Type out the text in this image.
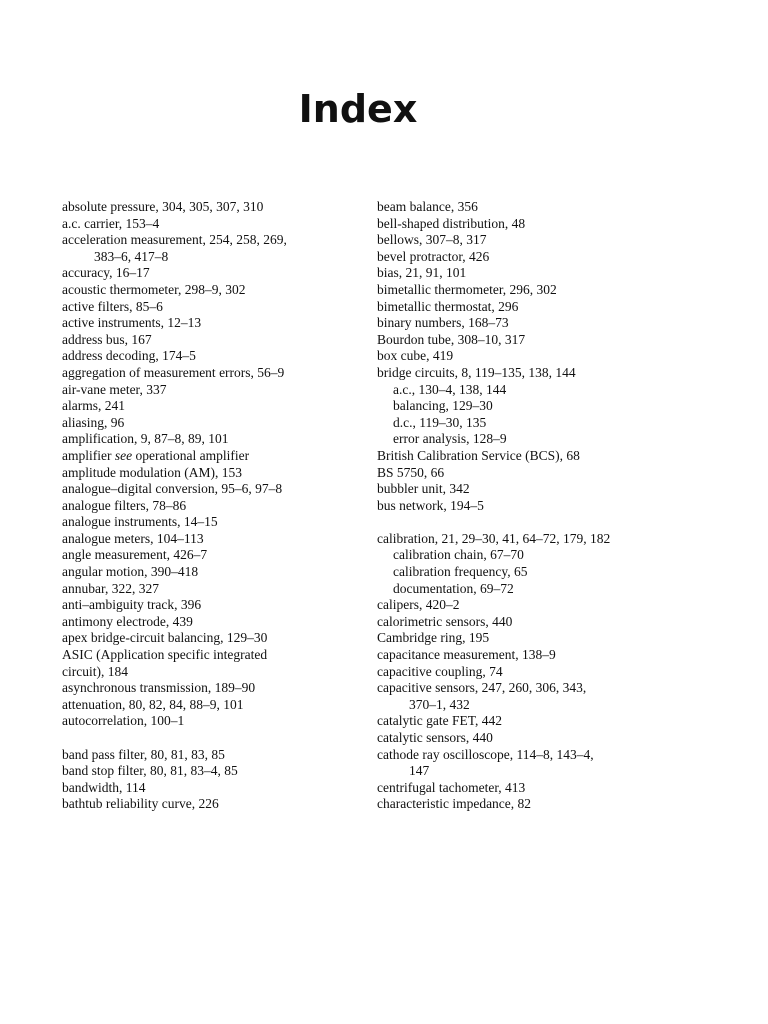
Index
absolute pressure, 304, 305, 307, 310
a.c. carrier, 153–4
acceleration measurement, 254, 258, 269,
383–6, 417–8
accuracy, 16–17
acoustic thermometer, 298–9, 302
active filters, 85–6
active instruments, 12–13
address bus, 167
address decoding, 174–5
aggregation of measurement errors, 56–9
air-vane meter, 337
alarms, 241
aliasing, 96
amplification, 9, 87–8, 89, 101
amplifier see operational amplifier
amplitude modulation (AM), 153
analogue–digital conversion, 95–6, 97–8
analogue filters, 78–86
analogue instruments, 14–15
analogue meters, 104–113
angle measurement, 426–7
angular motion, 390–418
annubar, 322, 327
anti–ambiguity track, 396
antimony electrode, 439
apex bridge-circuit balancing, 129–30
ASIC (Application specific integrated
circuit), 184
asynchronous transmission, 189–90
attenuation, 80, 82, 84, 88–9, 101
autocorrelation, 100–1
band pass filter, 80, 81, 83, 85
band stop filter, 80, 81, 83–4, 85
bandwidth, 114
bathtub reliability curve, 226
beam balance, 356
bell-shaped distribution, 48
bellows, 307–8, 317
bevel protractor, 426
bias, 21, 91, 101
bimetallic thermometer, 296, 302
bimetallic thermostat, 296
binary numbers, 168–73
Bourdon tube, 308–10, 317
box cube, 419
bridge circuits, 8, 119–135, 138, 144
a.c., 130–4, 138, 144
balancing, 129–30
d.c., 119–30, 135
error analysis, 128–9
British Calibration Service (BCS), 68
BS 5750, 66
bubbler unit, 342
bus network, 194–5
calibration, 21, 29–30, 41, 64–72, 179, 182
calibration chain, 67–70
calibration frequency, 65
documentation, 69–72
calipers, 420–2
calorimetric sensors, 440
Cambridge ring, 195
capacitance measurement, 138–9
capacitive coupling, 74
capacitive sensors, 247, 260, 306, 343,
370–1, 432
catalytic gate FET, 442
catalytic sensors, 440
cathode ray oscilloscope, 114–8, 143–4,
147
centrifugal tachometer, 413
characteristic impedance, 82
